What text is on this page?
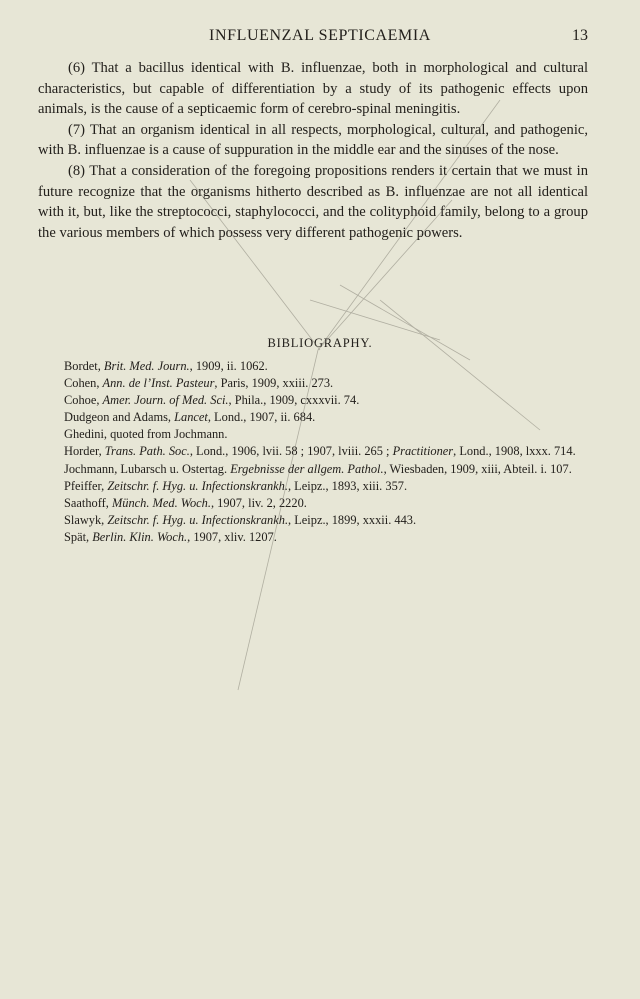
INFLUENZAL SEPTICAEMIA	13

(6) That a bacillus identical with B. influenzae, both in morphological and cultural characteristics, but capable of differentiation by a study of its pathogenic effects upon animals, is the cause of a septicaemic form of cerebro-spinal meningitis.

(7) That an organism identical in all respects, morphological, cultural, and pathogenic, with B. influenzae is a cause of suppuration in the middle ear and the sinuses of the nose.

(8) That a consideration of the foregoing propositions renders it certain that we must in future recognize that the organisms hitherto described as B. influenzae are not all identical with it, but, like the streptococci, staphylococci, and the colityphoid family, belong to a group the various members of which possess very different pathogenic powers.

BIBLIOGRAPHY.
Bordet, Brit. Med. Journ., 1909, ii. 1062.
Cohen, Ann. de l’Inst. Pasteur, Paris, 1909, xxiii. 273.
Cohoe, Amer. Journ. of Med. Sci., Phila., 1909, cxxxvii. 74.
Dudgeon and Adams, Lancet, Lond., 1907, ii. 684.
Ghedini, quoted from Jochmann.
Horder, Trans. Path. Soc., Lond., 1906, lvii. 58 ; 1907, lviii. 265 ; Practitioner, Lond., 1908, lxxx. 714.
Jochmann, Lubarsch u. Ostertag. Ergebnisse der allgem. Pathol., Wiesbaden, 1909, xiii, Abteil. i. 107.
Pfeiffer, Zeitschr. f. Hyg. u. Infectionskrankh., Leipz., 1893, xiii. 357.
Saathoff, Münch. Med. Woch., 1907, liv. 2, 2220.
Slawyk, Zeitschr. f. Hyg. u. Infectionskrankh., Leipz., 1899, xxxii. 443.
Spät, Berlin. Klin. Woch., 1907, xliv. 1207.
